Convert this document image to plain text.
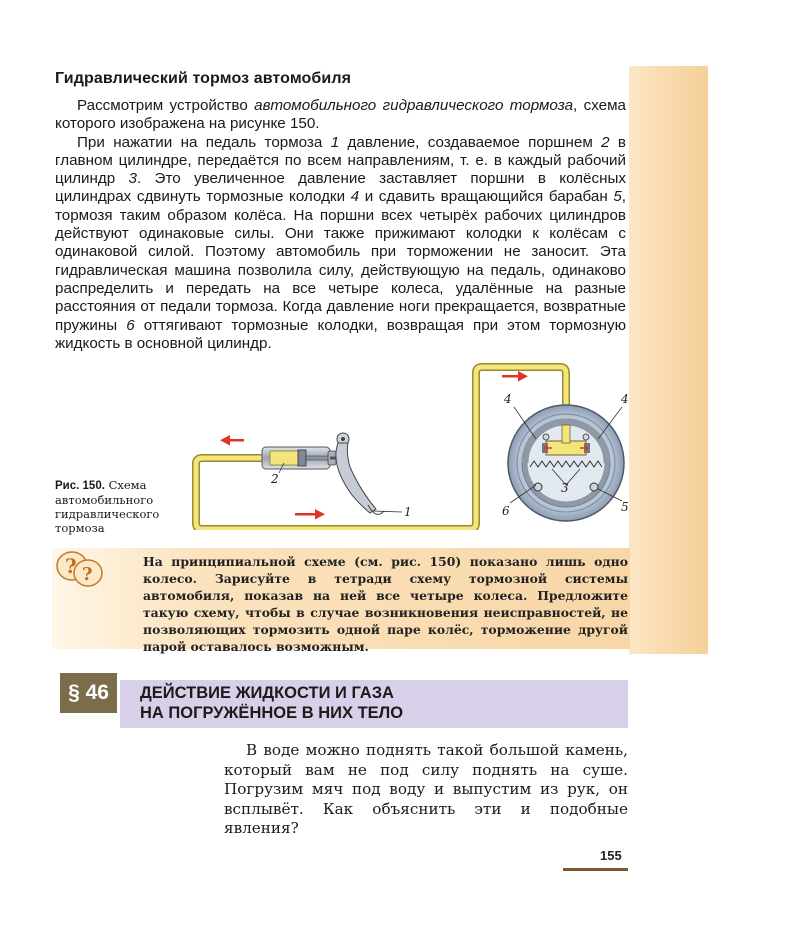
Гидравлический тормоз автомобиля

Рассмотрим устройство автомобильного гидравлического тормоза, схема которого изображена на рисунке 150.

При нажатии на педаль тормоза 1 давление, создаваемое поршнем 2 в главном цилиндре, передаётся по всем направлениям, т. е. в каждый рабочий цилиндр 3. Это увеличенное давление заставляет поршни в колёсных цилиндрах сдвинуть тормозные колодки 4 и сдавить вращающийся барабан 5, тормозя таким образом колёса. На поршни всех четырёх рабочих цилиндров действуют одинаковые силы. Они также прижимают колодки к колёсам с одинаковой силой. Поэтому автомобиль при торможении не заносит. Эта гидравлическая машина позволила силу, действующую на педаль, одинаково распределить и передать на все четыре колеса, удалённые на разные расстояния от педали тормоза. Когда давление ноги прекращается, возвратные пружины 6 оттягивают тормозные колодки, возвращая при этом тормозную жидкость в основной цилиндр.

2
1
4	4
3
6	5
Рис. 150. Схема автомобильного гидравлического тормоза
? ?
На принципиальной схеме (см. рис. 150) показано лишь одно колесо. Зарисуйте в тетради схему тормозной системы автомобиля, показав на ней все четыре колеса. Предложите такую схему, чтобы в случае возникновения неисправностей, не позволяющих тормозить одной паре колёс, торможение другой парой оставалось возможным.
§ 46	ДЕЙСТВИЕ ЖИДКОСТИ И ГАЗА
НА ПОГРУЖЁННОЕ В НИХ ТЕЛО

В воде можно поднять такой большой камень, который вам не под силу поднять на суше. Погрузим мяч под воду и выпустим из рук, он всплывёт. Как объяснить эти и подобные явления?

155
